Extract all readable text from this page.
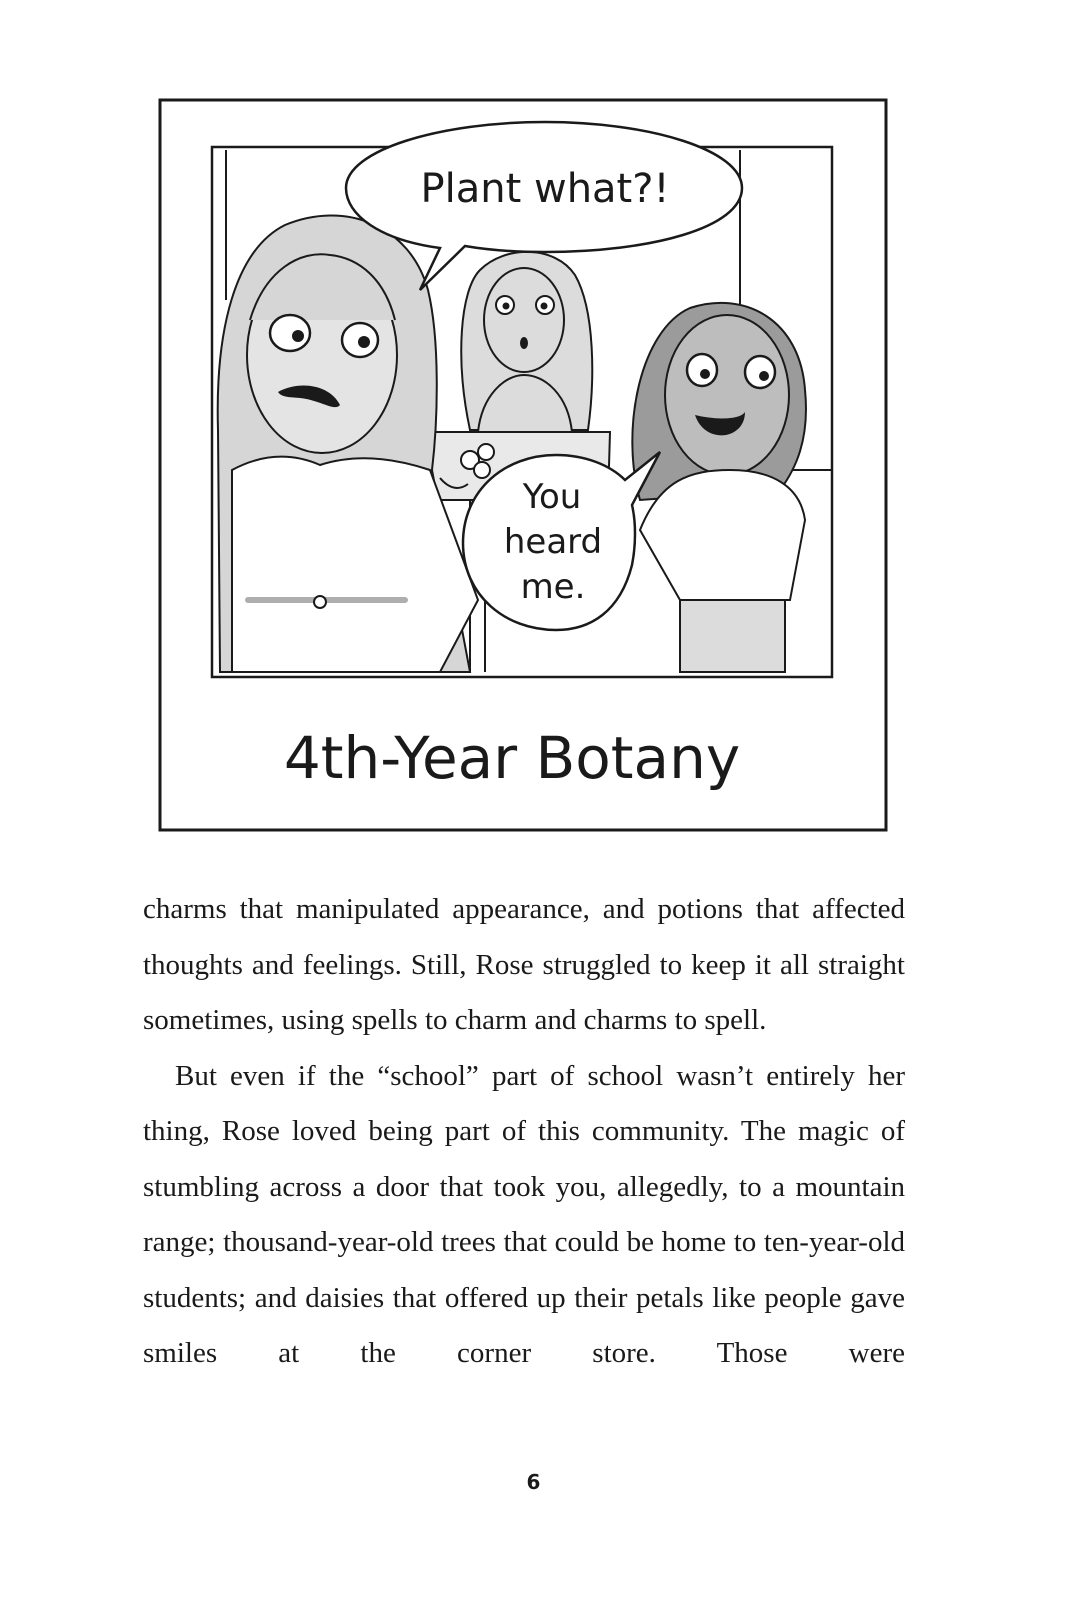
Plant what?!
You
heard
me.
4th-Year Botany

charms that manipulated appearance, and potions that affected thoughts and feelings. Still, Rose struggled to keep it all straight sometimes, using spells to charm and charms to spell.

But even if the “school” part of school wasn’t entirely her thing, Rose loved being part of this community. The magic of stumbling across a door that took you, allegedly, to a mountain range; thousand-year-old trees that could be home to ten-year-old students; and daisies that offered up their petals like people gave smiles at the corner store. Those were

6
